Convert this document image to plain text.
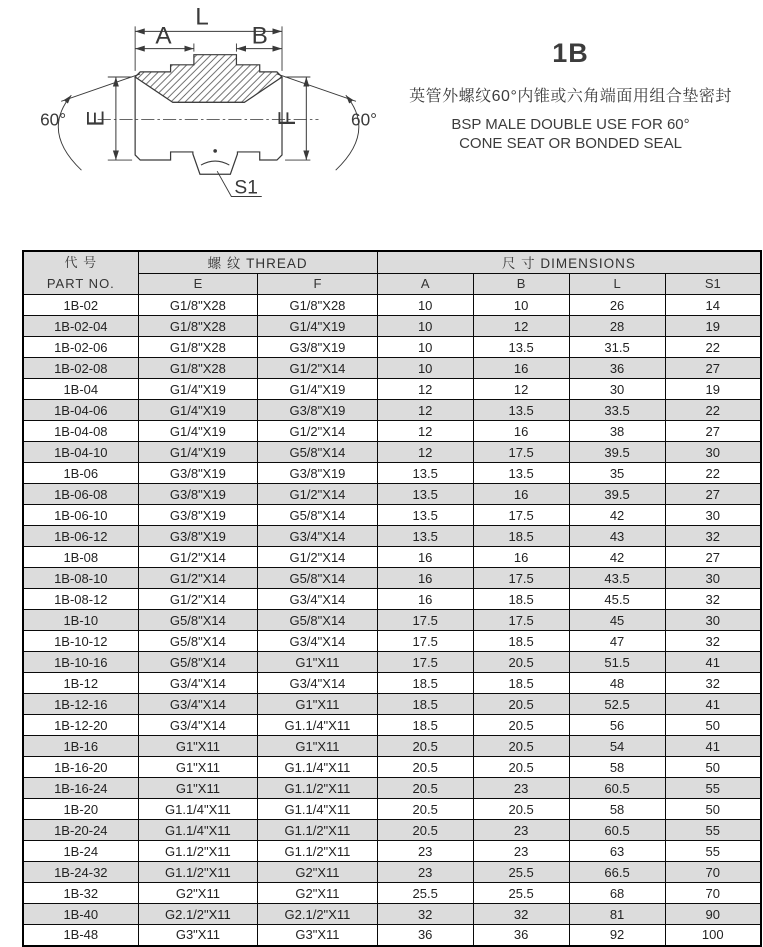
L
A	B
E	F
60°	60°
S1
1B
英管外螺纹60°内锥或六角端面用组合垫密封
BSP MALE DOUBLE USE FOR 60°
CONE SEAT OR BONDED SEAL
代 号
PART NO.	螺 纹 THREAD		尺 寸 DIMENSIONS			
	E	F	A	B	L	S1
1B-02	G1/8"X28	G1/8"X28	10	10	26	14
1B-02-04	G1/8"X28	G1/4"X19	10	12	28	19
1B-02-06	G1/8"X28	G3/8"X19	10	13.5	31.5	22
1B-02-08	G1/8"X28	G1/2"X14	10	16	36	27
1B-04	G1/4"X19	G1/4"X19	12	12	30	19
1B-04-06	G1/4"X19	G3/8"X19	12	13.5	33.5	22
1B-04-08	G1/4"X19	G1/2"X14	12	16	38	27
1B-04-10	G1/4"X19	G5/8"X14	12	17.5	39.5	30
1B-06	G3/8"X19	G3/8"X19	13.5	13.5	35	22
1B-06-08	G3/8"X19	G1/2"X14	13.5	16	39.5	27
1B-06-10	G3/8"X19	G5/8"X14	13.5	17.5	42	30
1B-06-12	G3/8"X19	G3/4"X14	13.5	18.5	43	32
1B-08	G1/2"X14	G1/2"X14	16	16	42	27
1B-08-10	G1/2"X14	G5/8"X14	16	17.5	43.5	30
1B-08-12	G1/2"X14	G3/4"X14	16	18.5	45.5	32
1B-10	G5/8"X14	G5/8"X14	17.5	17.5	45	30
1B-10-12	G5/8"X14	G3/4"X14	17.5	18.5	47	32
1B-10-16	G5/8"X14	G1"X11	17.5	20.5	51.5	41
1B-12	G3/4"X14	G3/4"X14	18.5	18.5	48	32
1B-12-16	G3/4"X14	G1"X11	18.5	20.5	52.5	41
1B-12-20	G3/4"X14	G1.1/4"X11	18.5	20.5	56	50
1B-16	G1"X11	G1"X11	20.5	20.5	54	41
1B-16-20	G1"X11	G1.1/4"X11	20.5	20.5	58	50
1B-16-24	G1"X11	G1.1/2"X11	20.5	23	60.5	55
1B-20	G1.1/4"X11	G1.1/4"X11	20.5	20.5	58	50
1B-20-24	G1.1/4"X11	G1.1/2"X11	20.5	23	60.5	55
1B-24	G1.1/2"X11	G1.1/2"X11	23	23	63	55
1B-24-32	G1.1/2"X11	G2"X11	23	25.5	66.5	70
1B-32	G2"X11	G2"X11	25.5	25.5	68	70
1B-40	G2.1/2"X11	G2.1/2"X11	32	32	81	90
1B-48	G3"X11	G3"X11	36	36	92	100
